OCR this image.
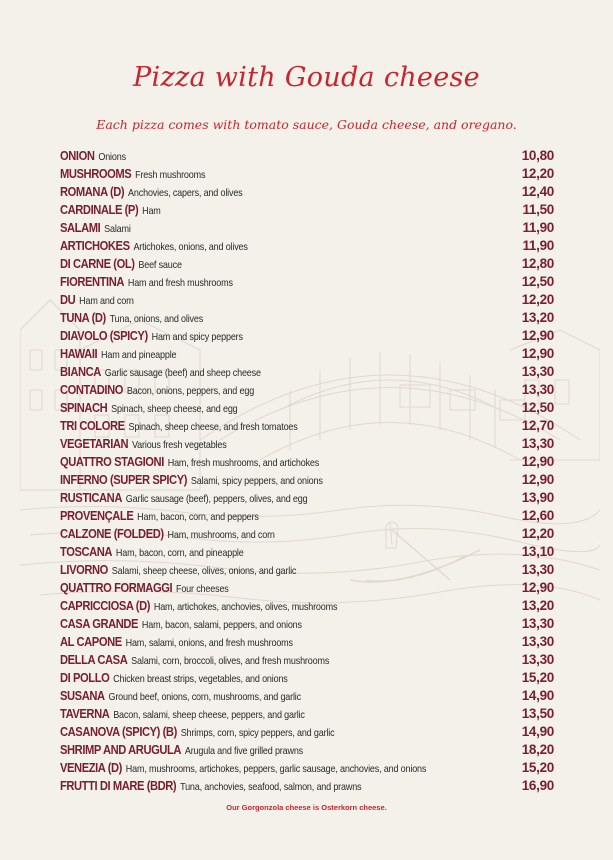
Pizza with Gouda cheese
Each pizza comes with tomato sauce, Gouda cheese, and oregano.
ONION Onions	10,80
MUSHROOMS Fresh mushrooms	12,20
ROMANA (D) Anchovies, capers, and olives	12,40
CARDINALE (P) Ham	11,50
SALAMI Salami	11,90
ARTICHOKES Artichokes, onions, and olives	11,90
DI CARNE (OL) Beef sauce	12,80
FIORENTINA Ham and fresh mushrooms	12,50
DU Ham and corn	12,20
TUNA (D) Tuna, onions, and olives	13,20
DIAVOLO (SPICY) Ham and spicy peppers	12,90
HAWAII Ham and pineapple	12,90
BIANCA Garlic sausage (beef) and sheep cheese	13,30
CONTADINO Bacon, onions, peppers, and egg	13,30
SPINACH Spinach, sheep cheese, and egg	12,50
TRI COLORE Spinach, sheep cheese, and fresh tomatoes	12,70
VEGETARIAN Various fresh vegetables	13,30
QUATTRO STAGIONI Ham, fresh mushrooms, and artichokes	12,90
INFERNO (SUPER SPICY) Salami, spicy peppers, and onions	12,90
RUSTICANA Garlic sausage (beef), peppers, olives, and egg	13,90
PROVENÇALE Ham, bacon, corn, and peppers	12,60
CALZONE (FOLDED) Ham, mushrooms, and corn	12,20
TOSCANA Ham, bacon, corn, and pineapple	13,10
LIVORNO Salami, sheep cheese, olives, onions, and garlic	13,30
QUATTRO FORMAGGI Four cheeses	12,90
CAPRICCIOSA (D) Ham, artichokes, anchovies, olives, mushrooms	13,20
CASA GRANDE Ham, bacon, salami, peppers, and onions	13,30
AL CAPONE Ham, salami, onions, and fresh mushrooms	13,30
DELLA CASA Salami, corn, broccoli, olives, and fresh mushrooms	13,30
DI POLLO Chicken breast strips, vegetables, and onions	15,20
SUSANA Ground beef, onions, corn, mushrooms, and garlic	14,90
TAVERNA Bacon, salami, sheep cheese, peppers, and garlic	13,50
CASANOVA (SPICY) (B) Shrimps, corn, spicy peppers, and garlic	14,90
SHRIMP AND ARUGULA Arugula and five grilled prawns	18,20
VENEZIA (D) Ham, mushrooms, artichokes, peppers, garlic sausage, anchovies, and onions	15,20
FRUTTI DI MARE (BDR) Tuna, anchovies, seafood, salmon, and prawns	16,90
Our Gorgonzola cheese is Osterkorn cheese.
